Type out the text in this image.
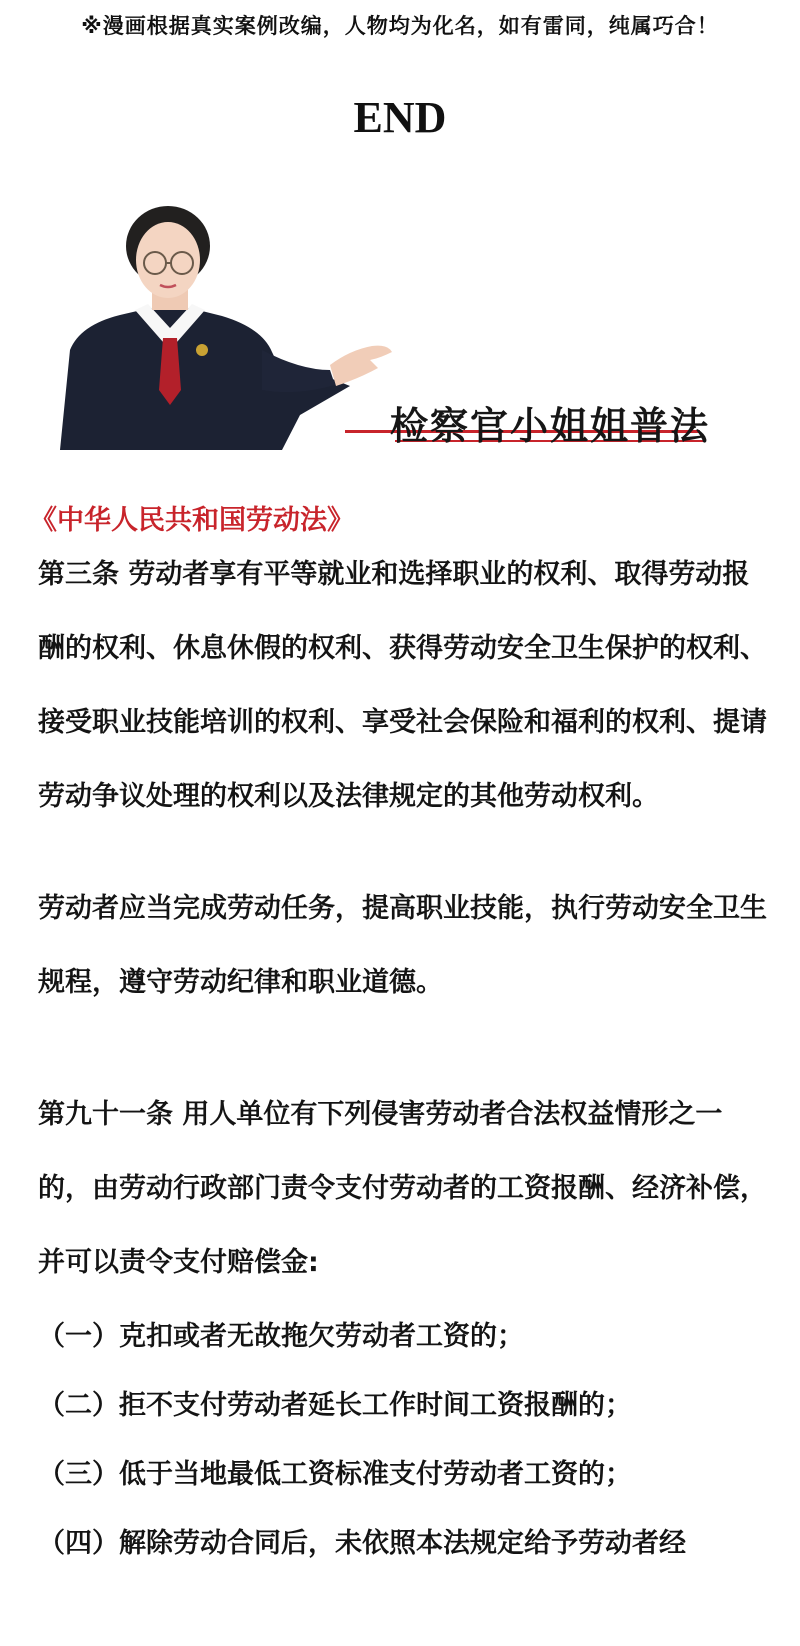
※漫画根据真实案例改编，人物均为化名，如有雷同，纯属巧合！
END
检察官小姐姐普法
《中华人民共和国劳动法》
第三条 劳动者享有平等就业和选择职业的权利、取得劳动报酬的权利、休息休假的权利、获得劳动安全卫生保护的权利、接受职业技能培训的权利、享受社会保险和福利的权利、提请劳动争议处理的权利以及法律规定的其他劳动权利。
劳动者应当完成劳动任务，提高职业技能，执行劳动安全卫生规程，遵守劳动纪律和职业道德。
第九十一条 用人单位有下列侵害劳动者合法权益情形之一的，由劳动行政部门责令支付劳动者的工资报酬、经济补偿，并可以责令支付赔偿金:
（一）克扣或者无故拖欠劳动者工资的；
（二）拒不支付劳动者延长工作时间工资报酬的；
（三）低于当地最低工资标准支付劳动者工资的；
（四）解除劳动合同后，未依照本法规定给予劳动者经
